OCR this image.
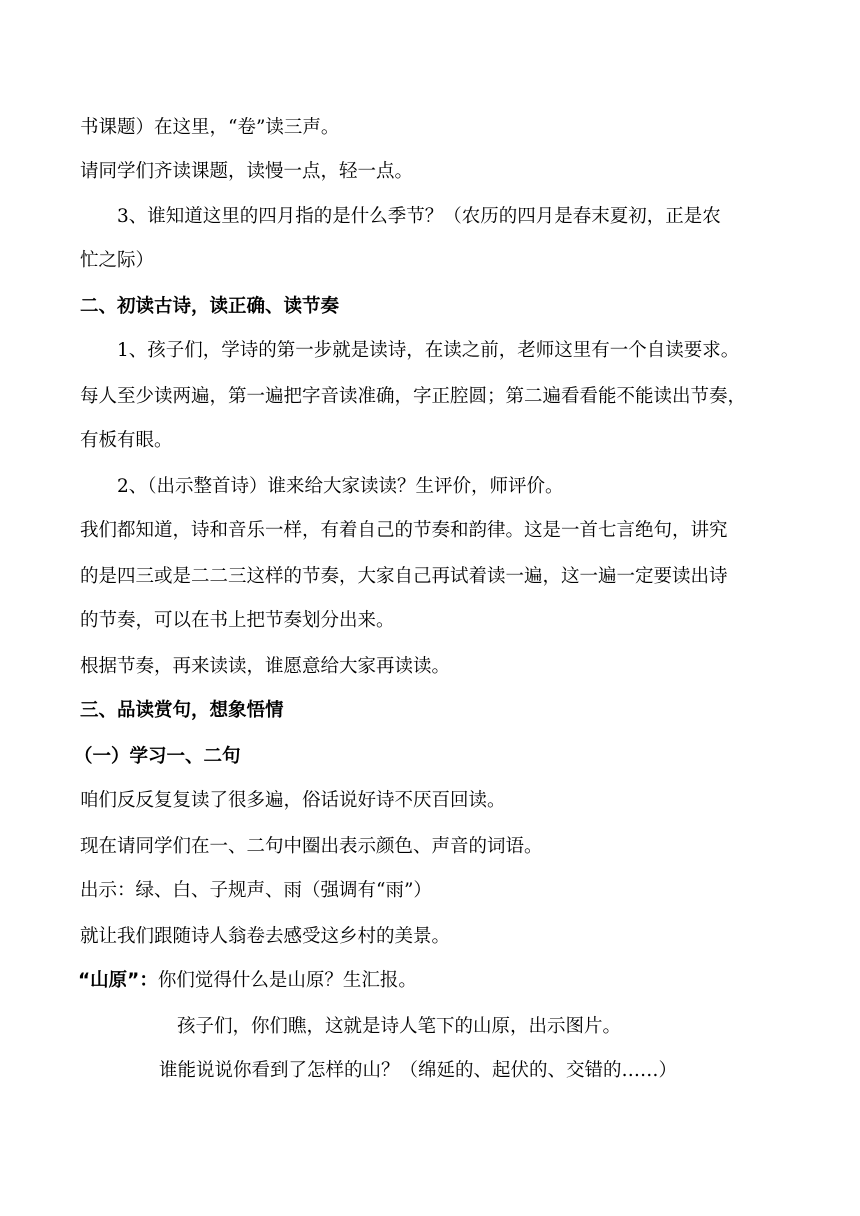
书课题）在这里，“卷”读三声。
请同学们齐读课题，读慢一点，轻一点。
3、谁知道这里的四月指的是什么季节？（农历的四月是春末夏初，正是农
忙之际）
二、初读古诗，读正确、读节奏
1、孩子们，学诗的第一步就是读诗，在读之前，老师这里有一个自读要求。
每人至少读两遍，第一遍把字音读准确，字正腔圆；第二遍看看能不能读出节奏，
有板有眼。
2、（出示整首诗）谁来给大家读读？生评价，师评价。
我们都知道，诗和音乐一样，有着自己的节奏和韵律。这是一首七言绝句，讲究
的是四三或是二二三这样的节奏，大家自己再试着读一遍，这一遍一定要读出诗
的节奏，可以在书上把节奏划分出来。
根据节奏，再来读读，谁愿意给大家再读读。
三、品读赏句，想象悟情
（一）学习一、二句
咱们反反复复读了很多遍，俗话说好诗不厌百回读。
现在请同学们在一、二句中圈出表示颜色、声音的词语。
出示：绿、白、子规声、雨（强调有“雨”）
就让我们跟随诗人翁卷去感受这乡村的美景。
“山原”：你们觉得什么是山原？生汇报。
孩子们，你们瞧，这就是诗人笔下的山原，出示图片。
谁能说说你看到了怎样的山？（绵延的、起伏的、交错的……）
